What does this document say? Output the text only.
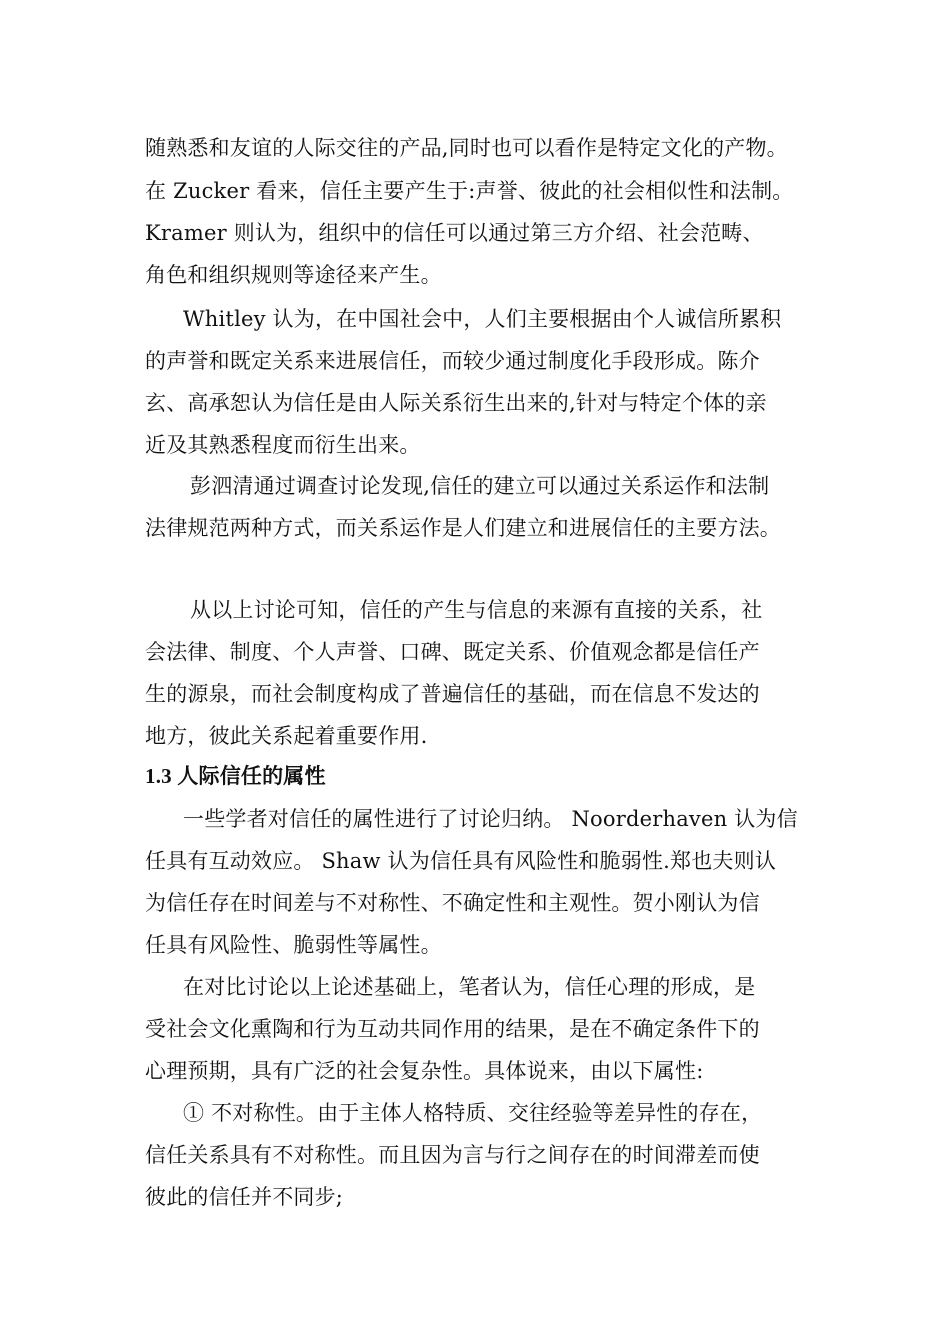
随熟悉和友谊的人际交往的产品,同时也可以看作是特定文化的产物。
在 Zucker 看来，信任主要产生于:声誉、彼此的社会相似性和法制。
Kramer 则认为，组织中的信任可以通过第三方介绍、社会范畴、
角色和组织规则等途径来产生。
Whitley 认为，在中国社会中，人们主要根据由个人诚信所累积
的声誉和既定关系来进展信任，而较少通过制度化手段形成。陈介
玄、高承恕认为信任是由人际关系衍生出来的,针对与特定个体的亲
近及其熟悉程度而衍生出来。
彭泗清通过调查讨论发现,信任的建立可以通过关系运作和法制
法律规范两种方式，而关系运作是人们建立和进展信任的主要方法。
从以上讨论可知，信任的产生与信息的来源有直接的关系，社
会法律、制度、个人声誉、口碑、既定关系、价值观念都是信任产
生的源泉，而社会制度构成了普遍信任的基础，而在信息不发达的
地方，彼此关系起着重要作用.
1.3 人际信任的属性
一些学者对信任的属性进行了讨论归纳。 Noorderhaven 认为信
任具有互动效应。 Shaw 认为信任具有风险性和脆弱性.郑也夫则认
为信任存在时间差与不对称性、不确定性和主观性。贺小刚认为信
任具有风险性、脆弱性等属性。
在对比讨论以上论述基础上，笔者认为，信任心理的形成，是
受社会文化熏陶和行为互动共同作用的结果，是在不确定条件下的
心理预期，具有广泛的社会复杂性。具体说来，由以下属性:
① 不对称性。由于主体人格特质、交往经验等差异性的存在，
信任关系具有不对称性。而且因为言与行之间存在的时间滞差而使
彼此的信任并不同步;
